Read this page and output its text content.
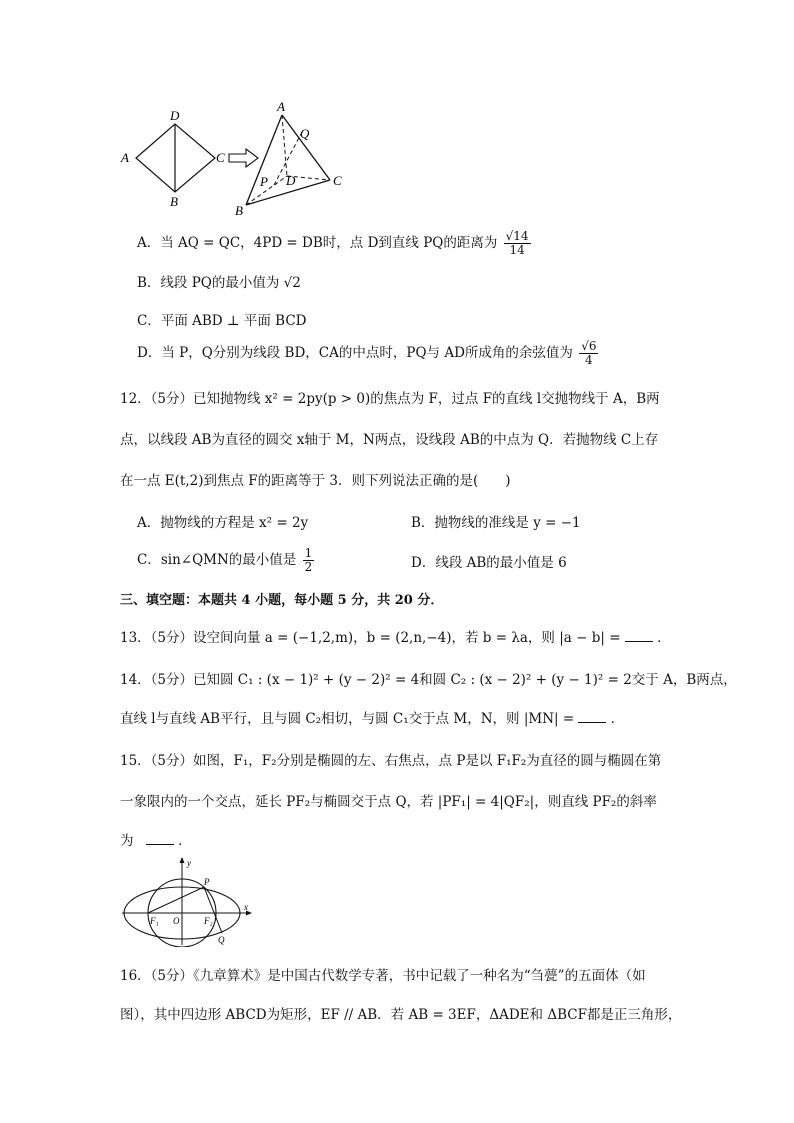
A
D
C
B
A
Q
P D	C
B
A．当 AQ = QC，4PD = DB时，点 D到直线 PQ的距离为 $\frac{√14}{14}$
B．线段 PQ的最小值为 √2
C．平面 ABD ⊥ 平面 BCD
D．当 P，Q分别为线段 BD，CA的中点时，PQ与 AD所成角的余弦值为 $\frac{√6}{4}$
12．（5分）已知抛物线 x² = 2py(p > 0)的焦点为 F，过点 F的直线 l交抛物线于 A，B两
点，以线段 AB为直径的圆交 x轴于 M，N两点，设线段 AB的中点为 Q．若抛物线 C上存
在一点 E(t,2)到焦点 F的距离等于 3．则下列说法正确的是(　　)
A．抛物线的方程是 x² = 2y	B．抛物线的准线是 y = −1
C．sin∠QMN的最小值是 $\frac{1}{2}$	D．线段 AB的最小值是 6
三、填空题：本题共 4 小题，每小题 5 分，共 20 分．
13．（5分）设空间向量 a = (−1,2,m)，b = (2,n,−4)，若 b = λa，则 |a − b| =	．
14．（5分）已知圆 C₁ : (x − 1)² + (y − 2)² = 4和圆 C₂ : (x − 2)² + (y − 1)² = 2交于 A，B两点，
直线 l与直线 AB平行，且与圆 C₂相切，与圆 C₁交于点 M，N，则 |MN| =	．
15．（5分）如图，F₁，F₂分别是椭圆的左、右焦点，点 P是以 F₁F₂为直径的圆与椭圆在第
一象限内的一个交点，延长 PF₂与椭圆交于点 Q，若 |PF₁| = 4|QF₂|，则直线 PF₂的斜率
为	．
y
x
P
O
F₁	F₂
Q
16．（5分）《九章算术》是中国古代数学专著，书中记载了一种名为“刍甍”的五面体（如
图），其中四边形 ABCD为矩形，EF // AB．若 AB = 3EF，ΔADE和 ΔBCF都是正三角形，
